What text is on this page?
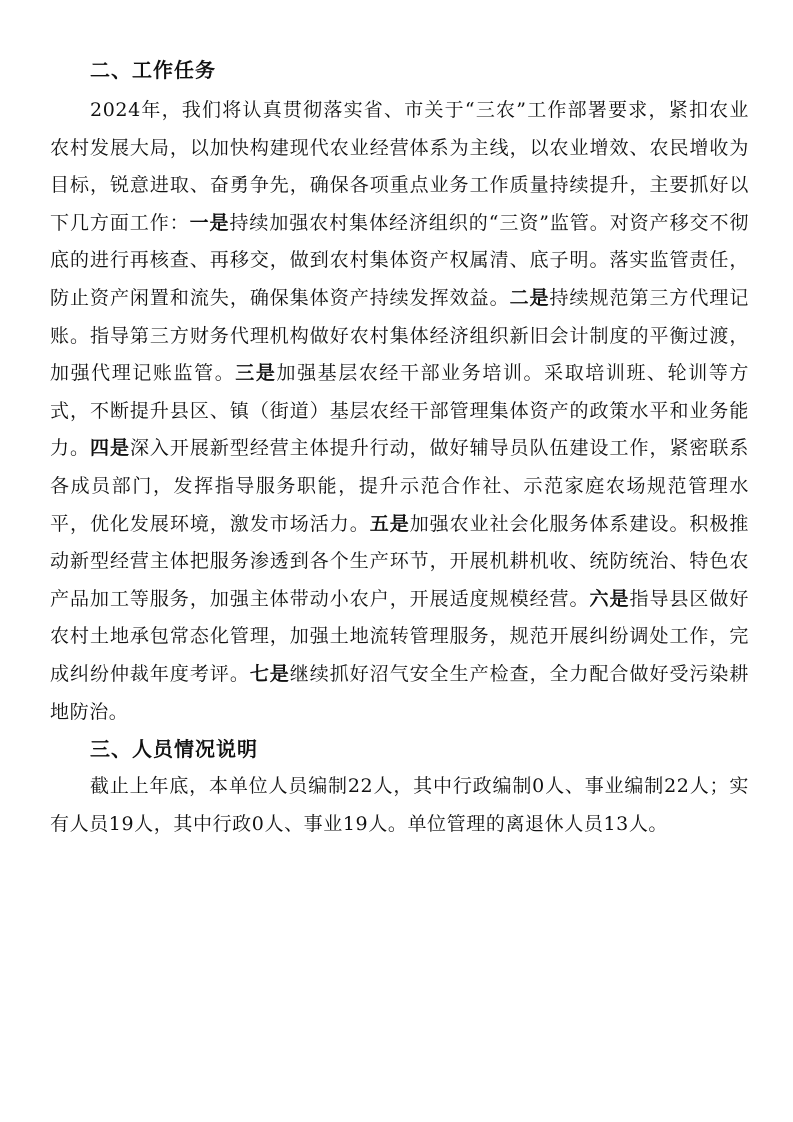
二、工作任务

2024年，我们将认真贯彻落实省、市关于“三农”工作部署要求，紧扣农业农村发展大局，以加快构建现代农业经营体系为主线，以农业增效、农民增收为目标，锐意进取、奋勇争先，确保各项重点业务工作质量持续提升，主要抓好以下几方面工作：一是持续加强农村集体经济组织的“三资”监管。对资产移交不彻底的进行再核查、再移交，做到农村集体资产权属清、底子明。落实监管责任，防止资产闲置和流失，确保集体资产持续发挥效益。二是持续规范第三方代理记账。指导第三方财务代理机构做好农村集体经济组织新旧会计制度的平衡过渡，加强代理记账监管。三是加强基层农经干部业务培训。采取培训班、轮训等方式，不断提升县区、镇（街道）基层农经干部管理集体资产的政策水平和业务能力。四是深入开展新型经营主体提升行动，做好辅导员队伍建设工作，紧密联系各成员部门，发挥指导服务职能，提升示范合作社、示范家庭农场规范管理水平，优化发展环境，激发市场活力。五是加强农业社会化服务体系建设。积极推动新型经营主体把服务渗透到各个生产环节，开展机耕机收、统防统治、特色农产品加工等服务，加强主体带动小农户，开展适度规模经营。六是指导县区做好农村土地承包常态化管理，加强土地流转管理服务，规范开展纠纷调处工作，完成纠纷仲裁年度考评。七是继续抓好沼气安全生产检查，全力配合做好受污染耕地防治。

三、人员情况说明

截止上年底，本单位人员编制22人，其中行政编制0人、事业编制22人；实有人员19人，其中行政0人、事业19人。单位管理的离退休人员13人。
